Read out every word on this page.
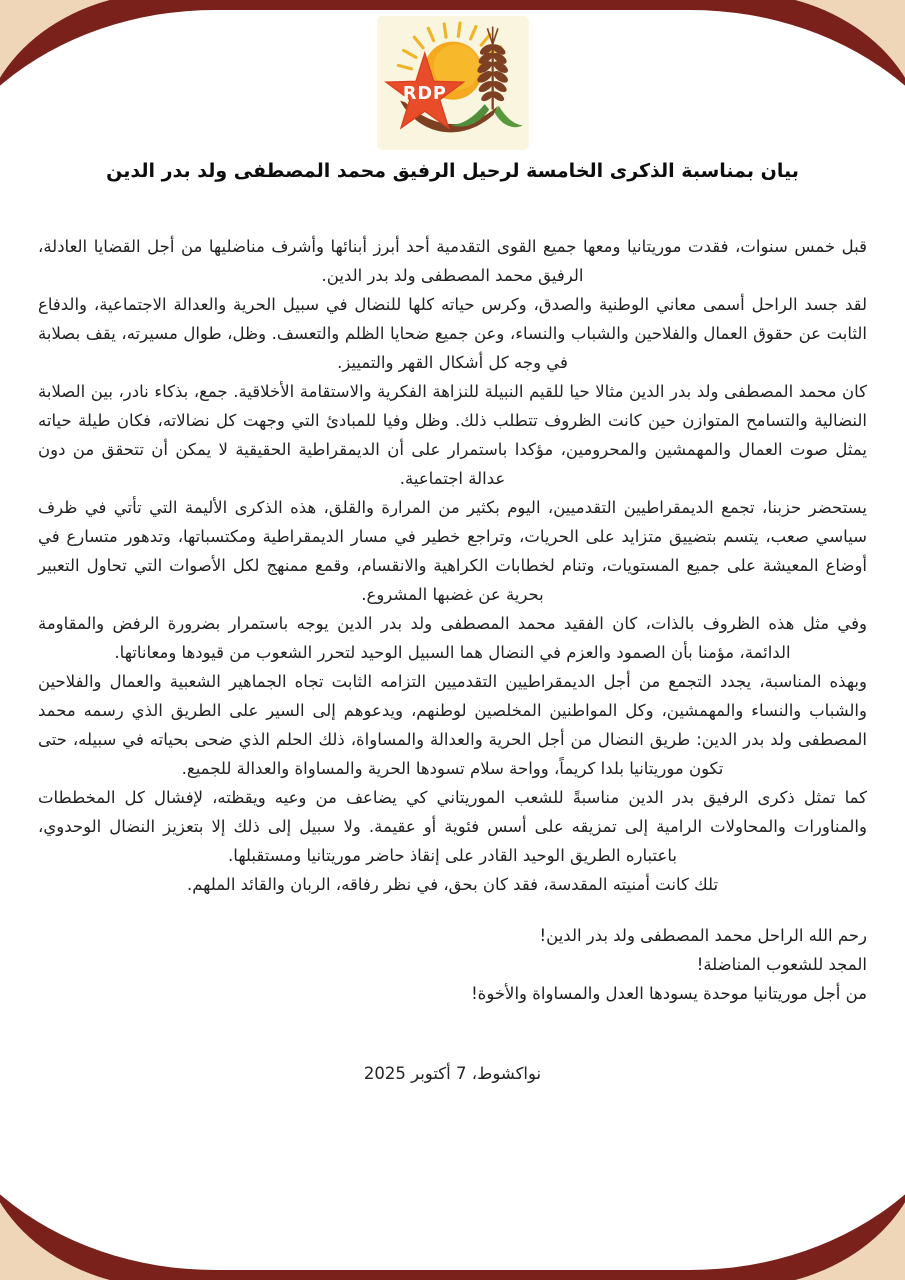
RDP
بيان بمناسبة الذكرى الخامسة لرحيل الرفيق محمد المصطفى ولد بدر الدين

قبل خمس سنوات، فقدت موريتانيا ومعها جميع القوى التقدمية أحد أبرز أبنائها وأشرف مناضليها من أجل القضايا العادلة، الرفيق محمد المصطفى ولد بدر الدين.

لقد جسد الراحل أسمى معاني الوطنية والصدق، وكرس حياته كلها للنضال في سبيل الحرية والعدالة الاجتماعية، والدفاع الثابت عن حقوق العمال والفلاحين والشباب والنساء، وعن جميع ضحايا الظلم والتعسف. وظل، طوال مسيرته، يقف بصلابة في وجه كل أشكال القهر والتمييز.

كان محمد المصطفى ولد بدر الدين مثالا حيا للقيم النبيلة للنزاهة الفكرية والاستقامة الأخلاقية. جمع، بذكاء نادر، بين الصلابة النضالية والتسامح المتوازن حين كانت الظروف تتطلب ذلك. وظل وفيا للمبادئ التي وجهت كل نضالاته، فكان طيلة حياته يمثل صوت العمال والمهمشين والمحرومين، مؤكدا باستمرار على أن الديمقراطية الحقيقية لا يمكن أن تتحقق من دون عدالة اجتماعية.

يستحضر حزبنا، تجمع الديمقراطيين التقدميين، اليوم بكثير من المرارة والقلق، هذه الذكرى الأليمة التي تأتي في ظرف سياسي صعب، يتسم بتضييق متزايد على الحريات، وتراجع خطير في مسار الديمقراطية ومكتسباتها، وتدهور متسارع في أوضاع المعيشة على جميع المستويات، وتنام لخطابات الكراهية والانقسام، وقمع ممنهج لكل الأصوات التي تحاول التعبير بحرية عن غضبها المشروع.

وفي مثل هذه الظروف بالذات، كان الفقيد محمد المصطفى ولد بدر الدين يوجه باستمرار بضرورة الرفض والمقاومة الدائمة، مؤمنا بأن الصمود والعزم في النضال هما السبيل الوحيد لتحرر الشعوب من قيودها ومعاناتها.

وبهذه المناسبة، يجدد التجمع من أجل الديمقراطيين التقدميين التزامه الثابت تجاه الجماهير الشعبية والعمال والفلاحين والشباب والنساء والمهمشين، وكل المواطنين المخلصين لوطنهم، ويدعوهم إلى السير على الطريق الذي رسمه محمد المصطفى ولد بدر الدين: طريق النضال من أجل الحرية والعدالة والمساواة، ذلك الحلم الذي ضحى بحياته في سبيله، حتى تكون موريتانيا بلدا كريماً، وواحة سلام تسودها الحرية والمساواة والعدالة للجميع.

كما تمثل ذكرى الرفيق بدر الدين مناسبةً للشعب الموريتاني كي يضاعف من وعيه ويقظته، لإفشال كل المخططات والمناورات والمحاولات الرامية إلى تمزيقه على أسس فئوية أو عقيمة. ولا سبيل إلى ذلك إلا بتعزيز النضال الوحدوي، باعتباره الطريق الوحيد القادر على إنقاذ حاضر موريتانيا ومستقبلها.

تلك كانت أمنيته المقدسة، فقد كان بحق، في نظر رفاقه، الربان والقائد الملهم.

رحم الله الراحل محمد المصطفى ولد بدر الدين!
المجد للشعوب المناضلة!
من أجل موريتانيا موحدة يسودها العدل والمساواة والأخوة!
نواكشوط، 7 أكتوبر 2025
